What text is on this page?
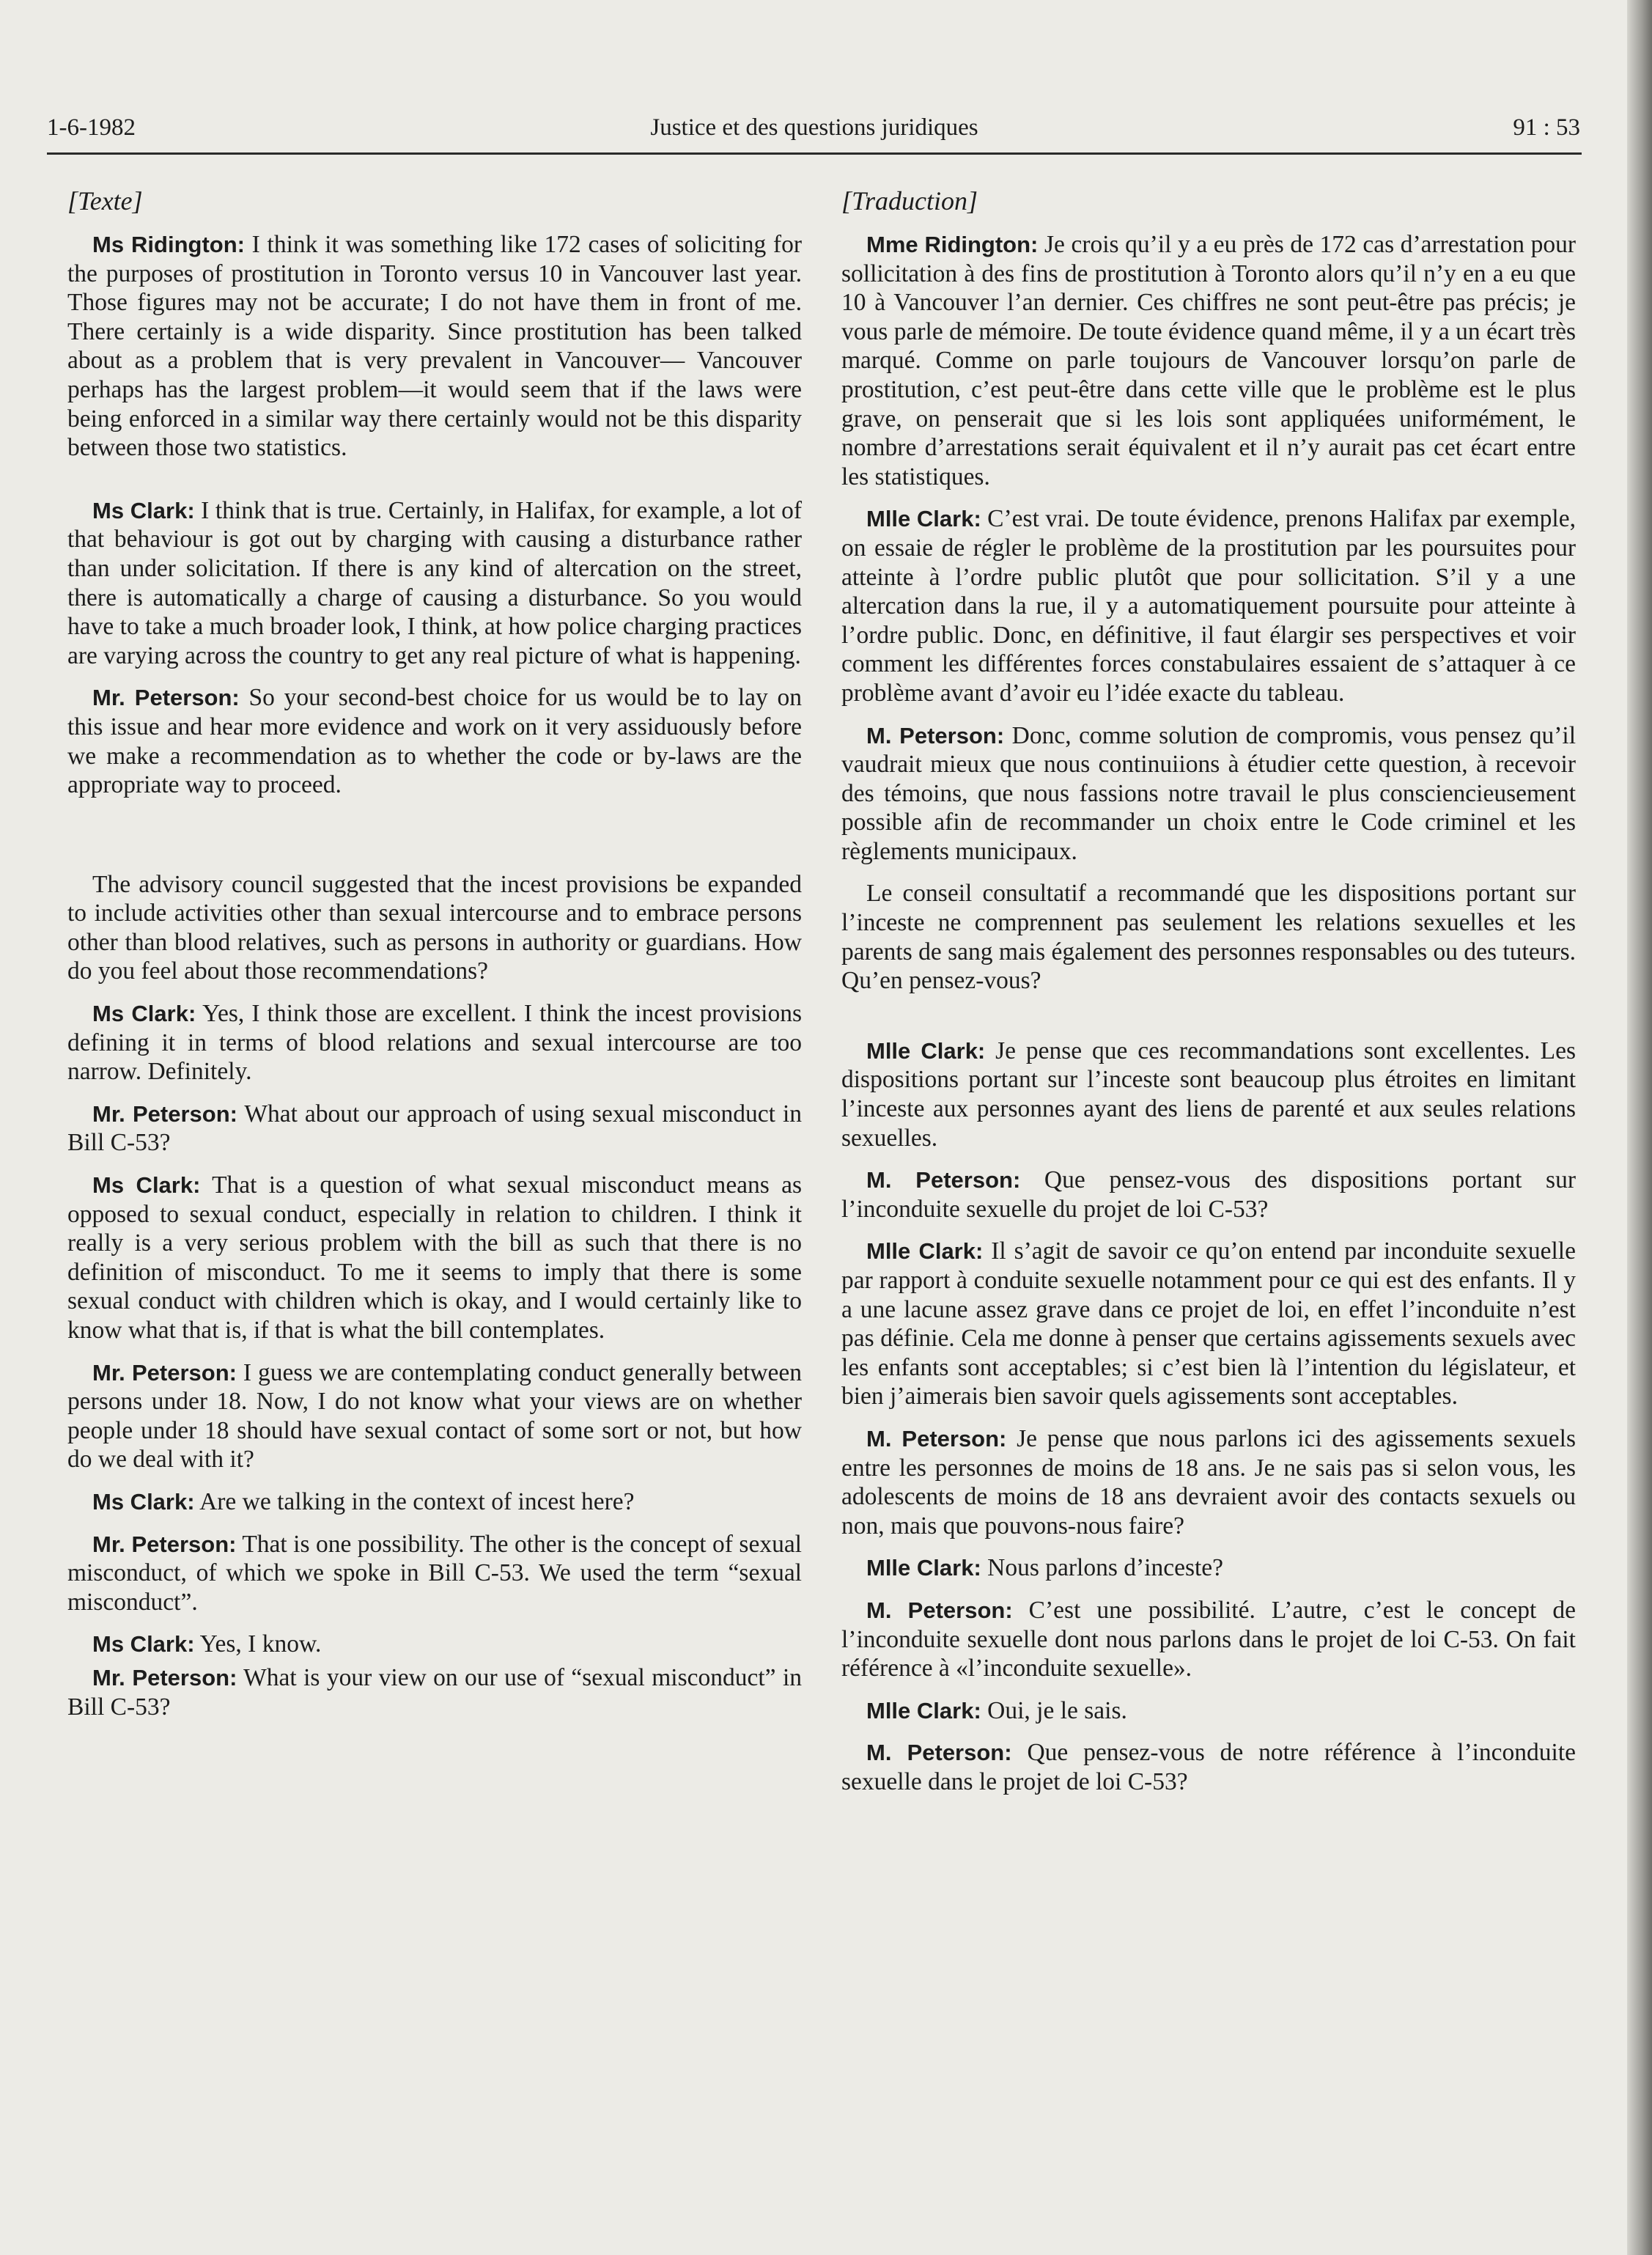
1-6-1982	Justice et des questions juridiques	91 : 53
[Texte]

Ms Ridington: I think it was something like 172 cases of soliciting for the purposes of prostitution in Toronto versus 10 in Vancouver last year. Those figures may not be accurate; I do not have them in front of me. There certainly is a wide disparity. Since prostitution has been talked about as a problem that is very prevalent in Vancouver— Vancouver perhaps has the largest problem—it would seem that if the laws were being enforced in a similar way there certainly would not be this disparity between those two statistics.

Ms Clark: I think that is true. Certainly, in Halifax, for example, a lot of that behaviour is got out by charging with causing a disturbance rather than under solicitation. If there is any kind of altercation on the street, there is automatically a charge of causing a disturbance. So you would have to take a much broader look, I think, at how police charging practices are varying across the country to get any real picture of what is happening.

Mr. Peterson: So your second-best choice for us would be to lay on this issue and hear more evidence and work on it very assiduously before we make a recommendation as to whether the code or by-laws are the appropriate way to proceed.

The advisory council suggested that the incest provisions be expanded to include activities other than sexual intercourse and to embrace persons other than blood relatives, such as persons in authority or guardians. How do you feel about those recommendations?

Ms Clark: Yes, I think those are excellent. I think the incest provisions defining it in terms of blood relations and sexual intercourse are too narrow. Definitely.

Mr. Peterson: What about our approach of using sexual misconduct in Bill C-53?

Ms Clark: That is a question of what sexual misconduct means as opposed to sexual conduct, especially in relation to children. I think it really is a very serious problem with the bill as such that there is no definition of misconduct. To me it seems to imply that there is some sexual conduct with children which is okay, and I would certainly like to know what that is, if that is what the bill contemplates.

Mr. Peterson: I guess we are contemplating conduct generally between persons under 18. Now, I do not know what your views are on whether people under 18 should have sexual contact of some sort or not, but how do we deal with it?

Ms Clark: Are we talking in the context of incest here?

Mr. Peterson: That is one possibility. The other is the concept of sexual misconduct, of which we spoke in Bill C-53. We used the term “sexual misconduct”.

Ms Clark: Yes, I know.

Mr. Peterson: What is your view on our use of “sexual misconduct” in Bill C-53?

[Traduction]

Mme Ridington: Je crois qu’il y a eu près de 172 cas d’arrestation pour sollicitation à des fins de prostitution à Toronto alors qu’il n’y en a eu que 10 à Vancouver l’an dernier. Ces chiffres ne sont peut-être pas précis; je vous parle de mémoire. De toute évidence quand même, il y a un écart très marqué. Comme on parle toujours de Vancouver lorsqu’on parle de prostitution, c’est peut-être dans cette ville que le problème est le plus grave, on penserait que si les lois sont appliquées uniformément, le nombre d’arrestations serait équivalent et il n’y aurait pas cet écart entre les statistiques.

Mlle Clark: C’est vrai. De toute évidence, prenons Halifax par exemple, on essaie de régler le problème de la prostitution par les poursuites pour atteinte à l’ordre public plutôt que pour sollicitation. S’il y a une altercation dans la rue, il y a automatiquement poursuite pour atteinte à l’ordre public. Donc, en définitive, il faut élargir ses perspectives et voir comment les différentes forces constabulaires essaient de s’attaquer à ce problème avant d’avoir eu l’idée exacte du tableau.

M. Peterson: Donc, comme solution de compromis, vous pensez qu’il vaudrait mieux que nous continuiions à étudier cette question, à recevoir des témoins, que nous fassions notre travail le plus consciencieusement possible afin de recommander un choix entre le Code criminel et les règlements municipaux.

Le conseil consultatif a recommandé que les dispositions portant sur l’inceste ne comprennent pas seulement les relations sexuelles et les parents de sang mais également des personnes responsables ou des tuteurs. Qu’en pensez-vous?

Mlle Clark: Je pense que ces recommandations sont excellentes. Les dispositions portant sur l’inceste sont beaucoup plus étroites en limitant l’inceste aux personnes ayant des liens de parenté et aux seules relations sexuelles.

M. Peterson: Que pensez-vous des dispositions portant sur l’inconduite sexuelle du projet de loi C-53?

Mlle Clark: Il s’agit de savoir ce qu’on entend par inconduite sexuelle par rapport à conduite sexuelle notamment pour ce qui est des enfants. Il y a une lacune assez grave dans ce projet de loi, en effet l’inconduite n’est pas définie. Cela me donne à penser que certains agissements sexuels avec les enfants sont acceptables; si c’est bien là l’intention du législateur, et bien j’aimerais bien savoir quels agissements sont acceptables.

M. Peterson: Je pense que nous parlons ici des agissements sexuels entre les personnes de moins de 18 ans. Je ne sais pas si selon vous, les adolescents de moins de 18 ans devraient avoir des contacts sexuels ou non, mais que pouvons-nous faire?

Mlle Clark: Nous parlons d’inceste?

M. Peterson: C’est une possibilité. L’autre, c’est le concept de l’inconduite sexuelle dont nous parlons dans le projet de loi C-53. On fait référence à «l’inconduite sexuelle».

Mlle Clark: Oui, je le sais.

M. Peterson: Que pensez-vous de notre référence à l’inconduite sexuelle dans le projet de loi C-53?
